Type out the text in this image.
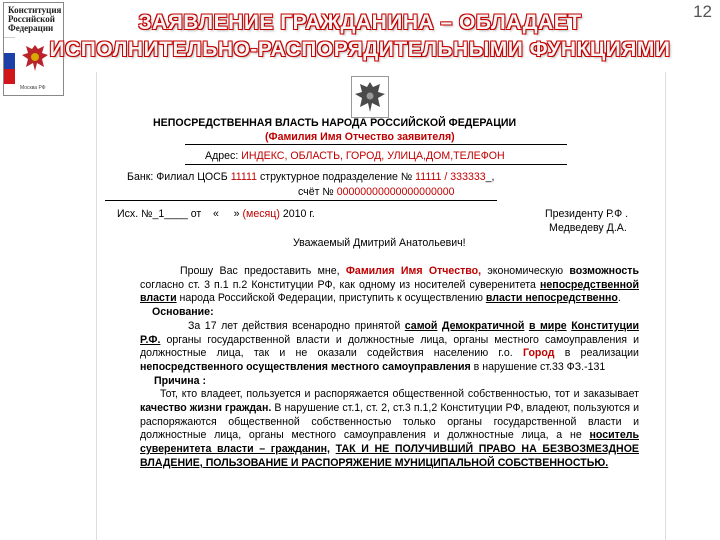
12
Конституция
Российской
Федерации
Москва РФ
ЗАЯВЛЕНИЕ ГРАЖДАНИНА – ОБЛАДАЕТ
ИСПОЛНИТЕЛЬНО-РАСПОРЯДИТЕЛЬНЫМИ ФУНКЦИЯМИ
НЕПОСРЕДСТВЕННАЯ ВЛАСТЬ НАРОДА РОССИЙСКОЙ ФЕДЕРАЦИИ
(Фамилия Имя Отчество заявителя)
Адрес: ИНДЕКС, ОБЛАСТЬ, ГОРОД, УЛИЦА,ДОМ,ТЕЛЕФОН
Банк: Филиал ЦОСБ 11111 структурное подразделение № 11111 / 333333_,
счёт № 00000000000000000000
Исх. №_1____ от « » (месяц) 2010 г.	Президенту Р.Ф .
Медведеву Д.А.
Уважаемый Дмитрий Анатольевич!

Прошу Вас предоставить мне, Фамилия Имя Отчество, экономическую возможность согласно ст. 3 п.1 п.2 Конституции РФ, как одному из носителей суверенитета непосредственной власти народа Российской Федерации, приступить к осуществлению власти непосредственно.

Основание:

За 17 лет действия всенародно принятой самой Демократичной в мире Конституции Р.Ф. органы государственной власти и должностные лица, органы местного самоуправления и должностные лица, так и не оказали содействия населению г.о. Город в реализации непосредственного осуществления местного самоуправления в нарушение ст.33 ФЗ.-131

Причина :

Тот, кто владеет, пользуется и распоряжается общественной собственностью, тот и заказывает качество жизни граждан. В нарушение ст.1, ст. 2, ст.3 п.1,2 Конституции РФ, владеют, пользуются и распоряжаются общественной собственностью только органы государственной власти и должностные лица, органы местного самоуправления и должностные лица, а не носитель суверенитета власти – гражданин, ТАК И НЕ ПОЛУЧИВШИЙ ПРАВО НА БЕЗВОЗМЕЗДНОЕ ВЛАДЕНИЕ, ПОЛЬЗОВАНИЕ И РАСПОРЯЖЕНИЕ МУНИЦИПАЛЬНОЙ СОБСТВЕННОСТЬЮ.
